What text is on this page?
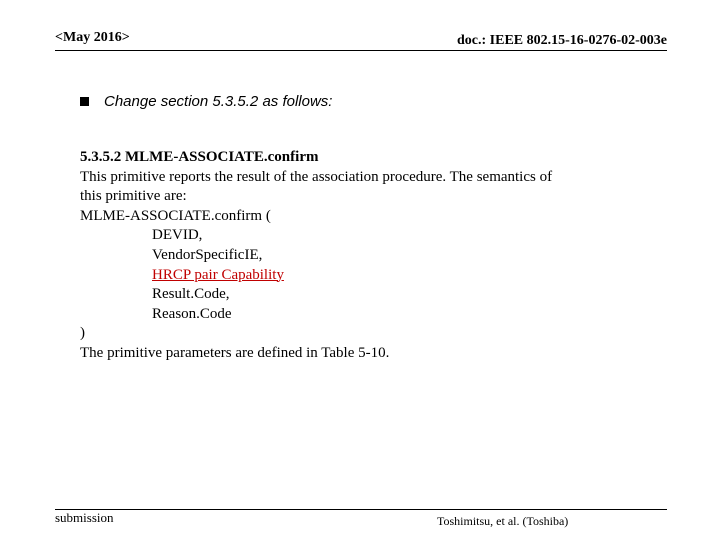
<May 2016>	doc.: IEEE 802.15-16-0276-02-003e
Change section 5.3.5.2 as follows:
5.3.5.2 MLME-ASSOCIATE.confirm
This primitive reports the result of the association procedure. The semantics of
this primitive are:
MLME-ASSOCIATE.confirm (
DEVID,
VendorSpecificIE,
HRCP pair Capability
Result.Code,
Reason.Code
)
The primitive parameters are defined in Table 5-10.
submission	Toshimitsu, et al. (Toshiba)
